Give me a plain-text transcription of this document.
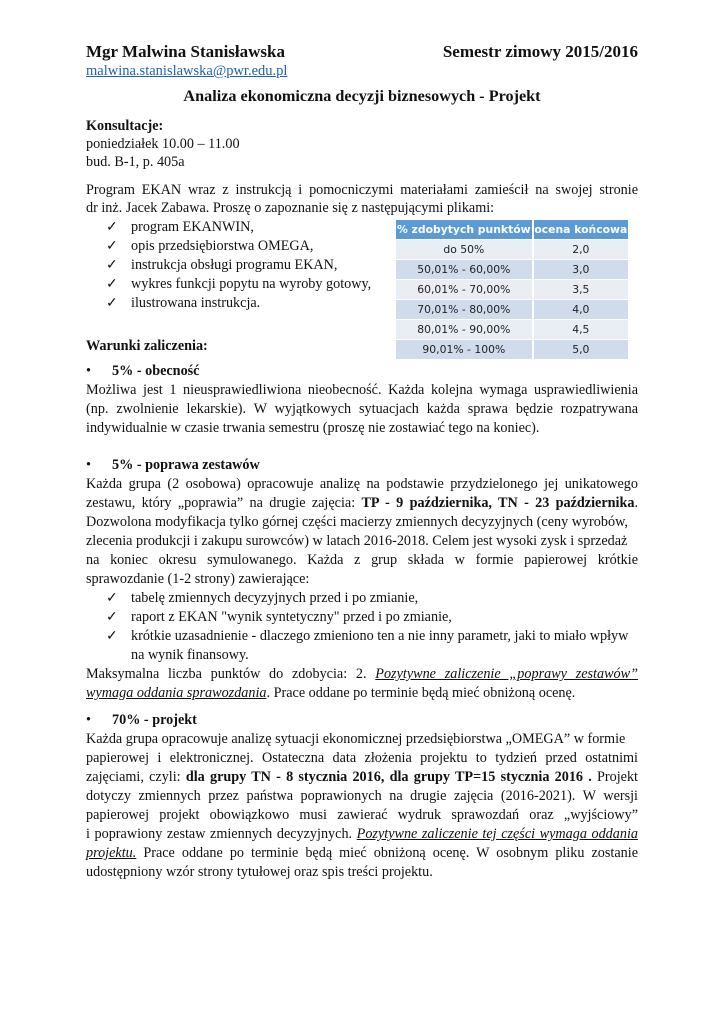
Mgr Malwina Stanisławska	Semestr zimowy 2015/2016
malwina.stanislawska@pwr.edu.pl
Analiza ekonomiczna decyzji biznesowych - Projekt
Konsultacje:
poniedziałek 10.00 – 11.00
bud. B-1, p. 405a
Program EKAN wraz z instrukcją i pomocniczymi materiałami zamieścił na swojej stronie
dr inż. Jacek Zabawa. Proszę o zapoznanie się z następującymi plikami:
✓ program EKANWIN,
✓ opis przedsiębiorstwa OMEGA,
✓ instrukcja obsługi programu EKAN,
✓ wykres funkcji popytu na wyroby gotowy,
✓ ilustrowana instrukcja.
% zdobytych punktów	ocena końcowa
do 50%	2,0
50,01% - 60,00%	3,0
60,01% - 70,00%	3,5
70,01% - 80,00%	4,0
80,01% - 90,00%	4,5
90,01% - 100%	5,0
Warunki zaliczenia:
• 5% - obecność
Możliwa jest 1 nieusprawiedliwiona nieobecność. Każda kolejna wymaga usprawiedliwienia
(np. zwolnienie lekarskie). W wyjątkowych sytuacjach każda sprawa będzie rozpatrywana
indywidualnie w czasie trwania semestru (proszę nie zostawiać tego na koniec).
• 5% - poprawa zestawów
Każda grupa (2 osobowa) opracowuje analizę na podstawie przydzielonego jej unikatowego
zestawu, który „poprawia” na drugie zajęcia: TP - 9 października, TN - 23 października.
Dozwolona modyfikacja tylko górnej części macierzy zmiennych decyzyjnych (ceny wyrobów,
zlecenia produkcji i zakupu surowców) w latach 2016-2018. Celem jest wysoki zysk i sprzedaż
na koniec okresu symulowanego. Każda z grup składa w formie papierowej krótkie
sprawozdanie (1-2 strony) zawierające:
✓ tabelę zmiennych decyzyjnych przed i po zmianie,
✓ raport z EKAN "wynik syntetyczny" przed i po zmianie,
✓ krótkie uzasadnienie - dlaczego zmieniono ten a nie inny parametr, jaki to miało wpływ
na wynik finansowy.
Maksymalna liczba punktów do zdobycia: 2. Pozytywne zaliczenie „poprawy zestawów”
wymaga oddania sprawozdania. Prace oddane po terminie będą mieć obniżoną ocenę.
• 70% - projekt
Każda grupa opracowuje analizę sytuacji ekonomicznej przedsiębiorstwa „OMEGA” w formie
papierowej i elektronicznej. Ostateczna data złożenia projektu to tydzień przed ostatnimi
zajęciami, czyli: dla grupy TN - 8 stycznia 2016, dla grupy TP=15 stycznia 2016 . Projekt
dotyczy zmiennych przez państwa poprawionych na drugie zajęcia (2016-2021). W wersji
papierowej projekt obowiązkowo musi zawierać wydruk sprawozdań oraz „wyjściowy”
i poprawiony zestaw zmiennych decyzyjnych. Pozytywne zaliczenie tej części wymaga oddania
projektu. Prace oddane po terminie będą mieć obniżoną ocenę. W osobnym pliku zostanie
udostępniony wzór strony tytułowej oraz spis treści projektu.
